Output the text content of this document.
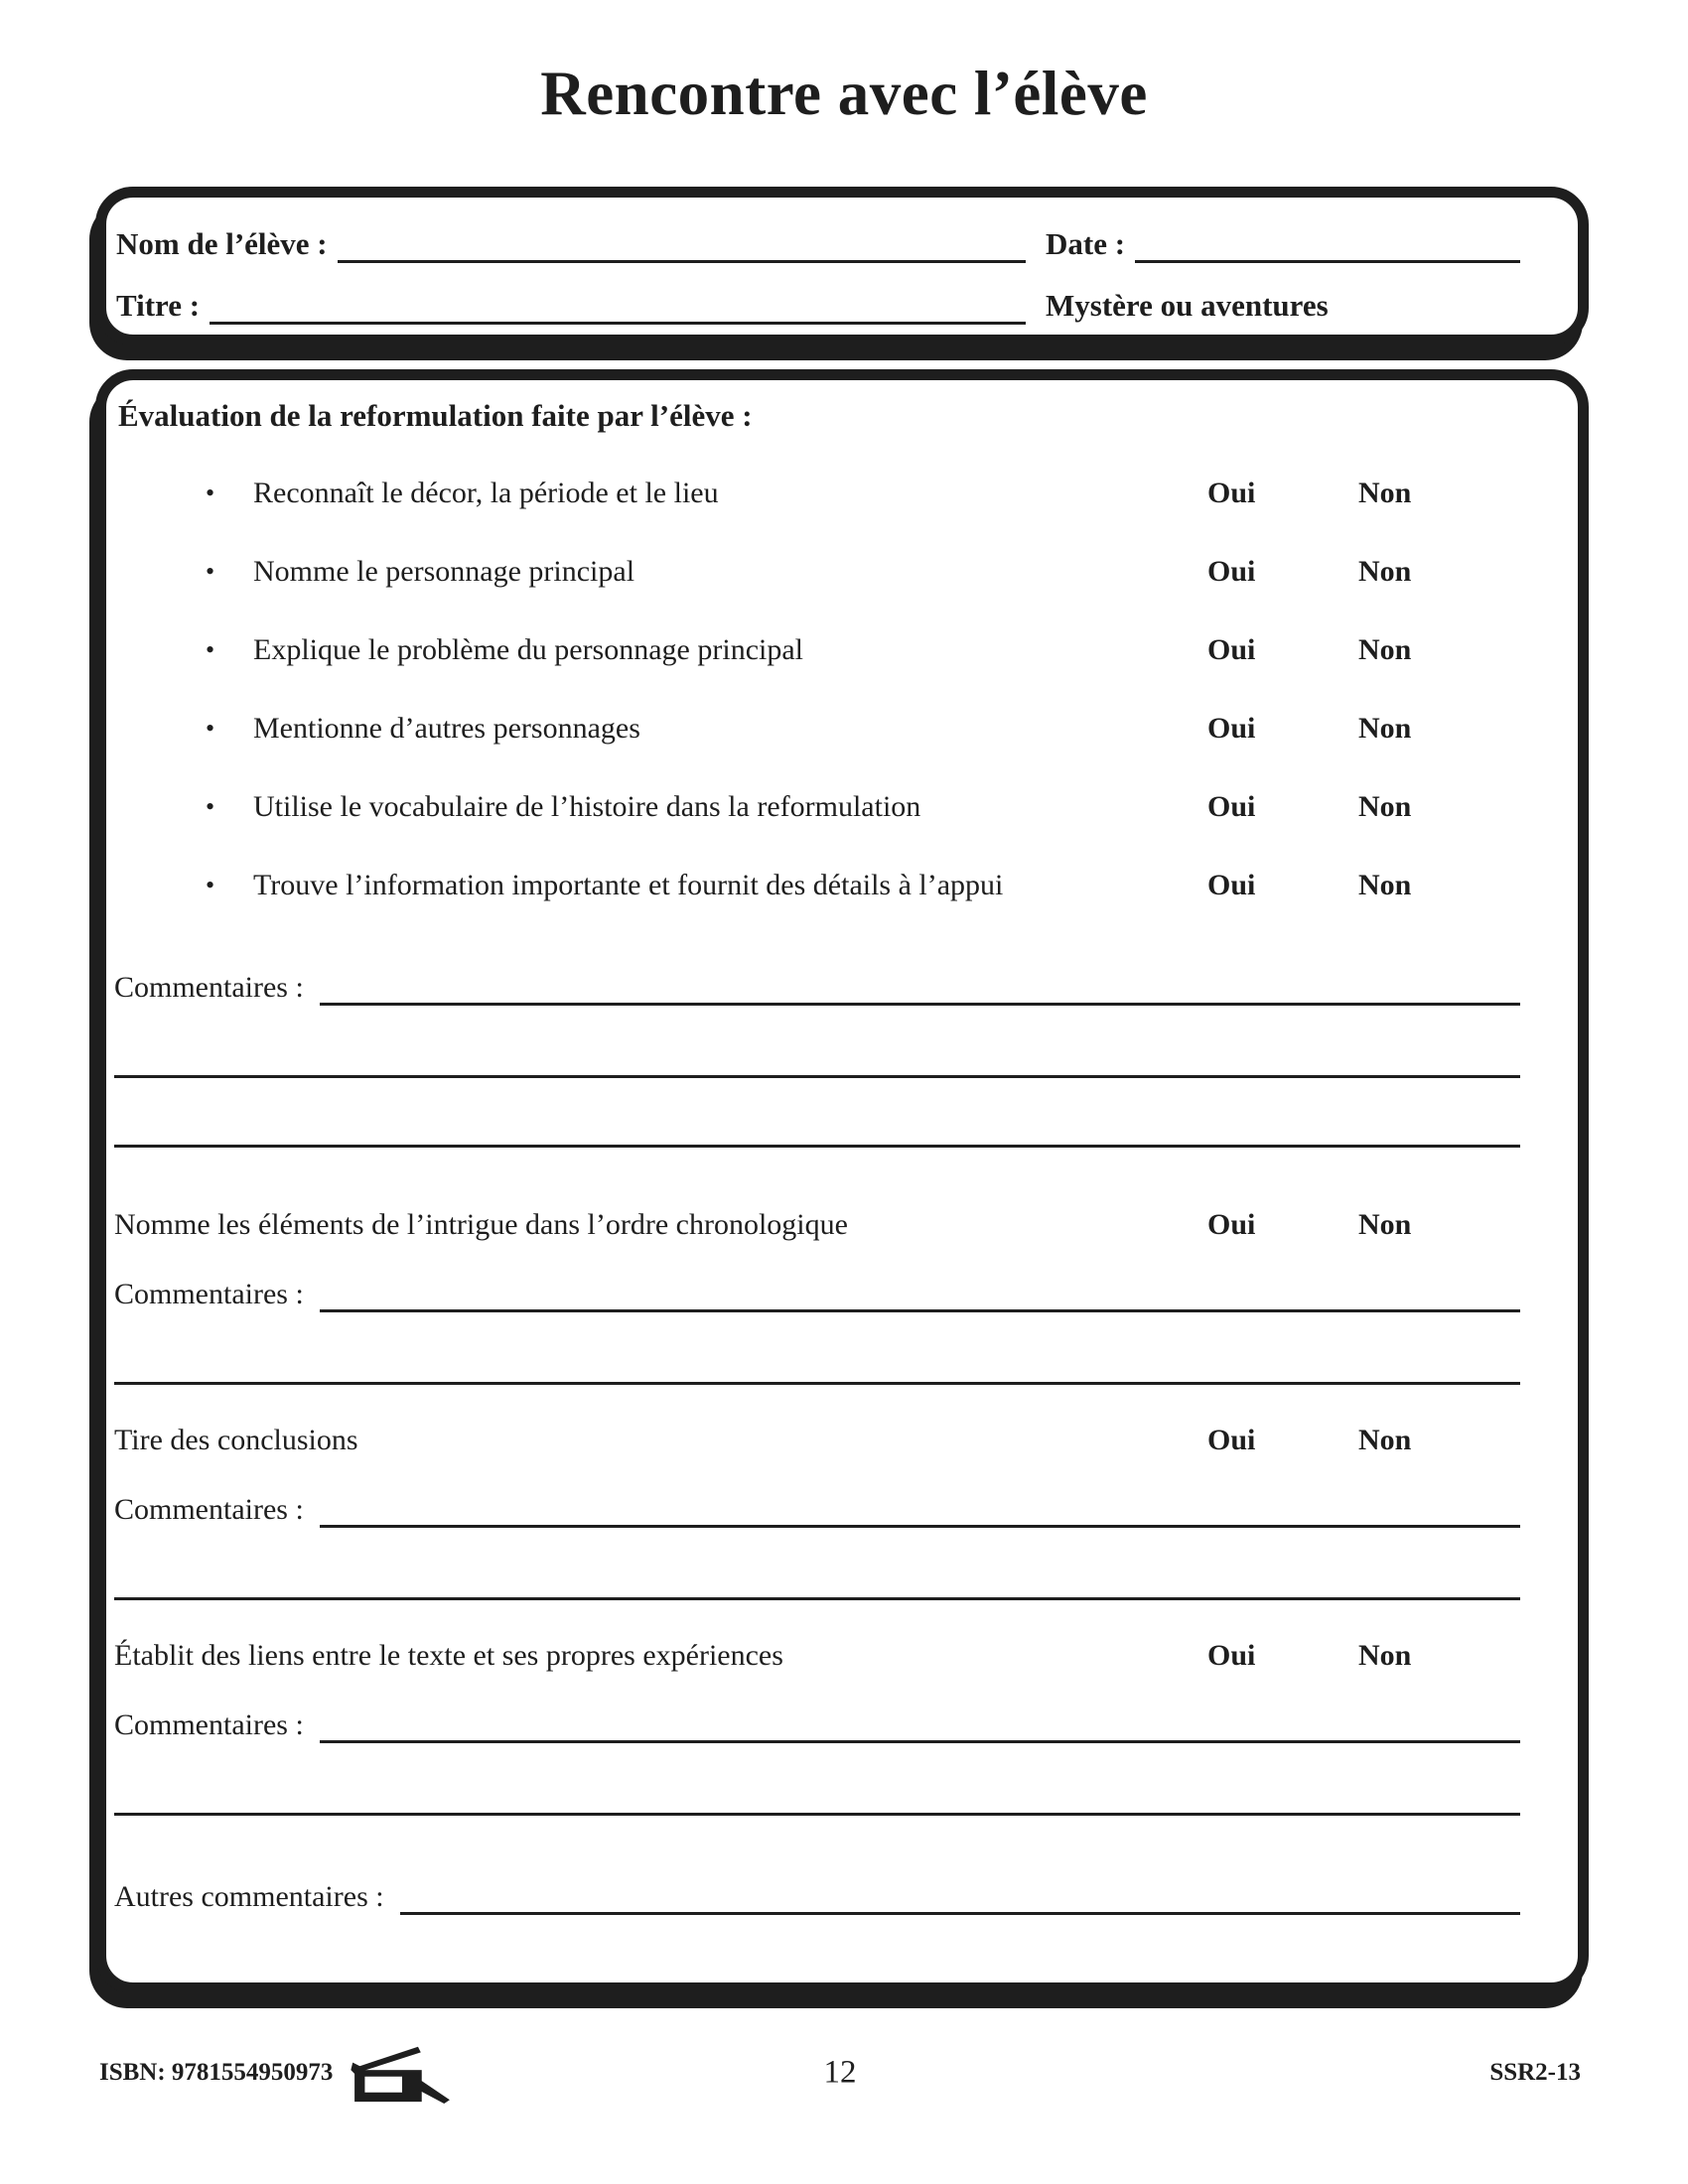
Rencontre avec l’élève
Nom de l’élève :	Date :
Titre :	Mystère ou aventures
Évaluation de la reformulation faite par l’élève :
• Reconnaît le décor, la période et le lieu	Oui	Non
• Nomme le personnage principal	Oui	Non
• Explique le problème du personnage principal	Oui	Non
• Mentionne d’autres personnages	Oui	Non
• Utilise le vocabulaire de l’histoire dans la reformulation	Oui	Non
• Trouve l’information importante et fournit des détails à l’appui	Oui	Non
Commentaires :
Nomme les éléments de l’intrigue dans l’ordre chronologique	Oui	Non
Commentaires :
Tire des conclusions	Oui	Non
Commentaires :
Établit des liens entre le texte et ses propres expériences	Oui	Non
Commentaires :
Autres commentaires :
ISBN: 9781554950973	12	SSR2-13
